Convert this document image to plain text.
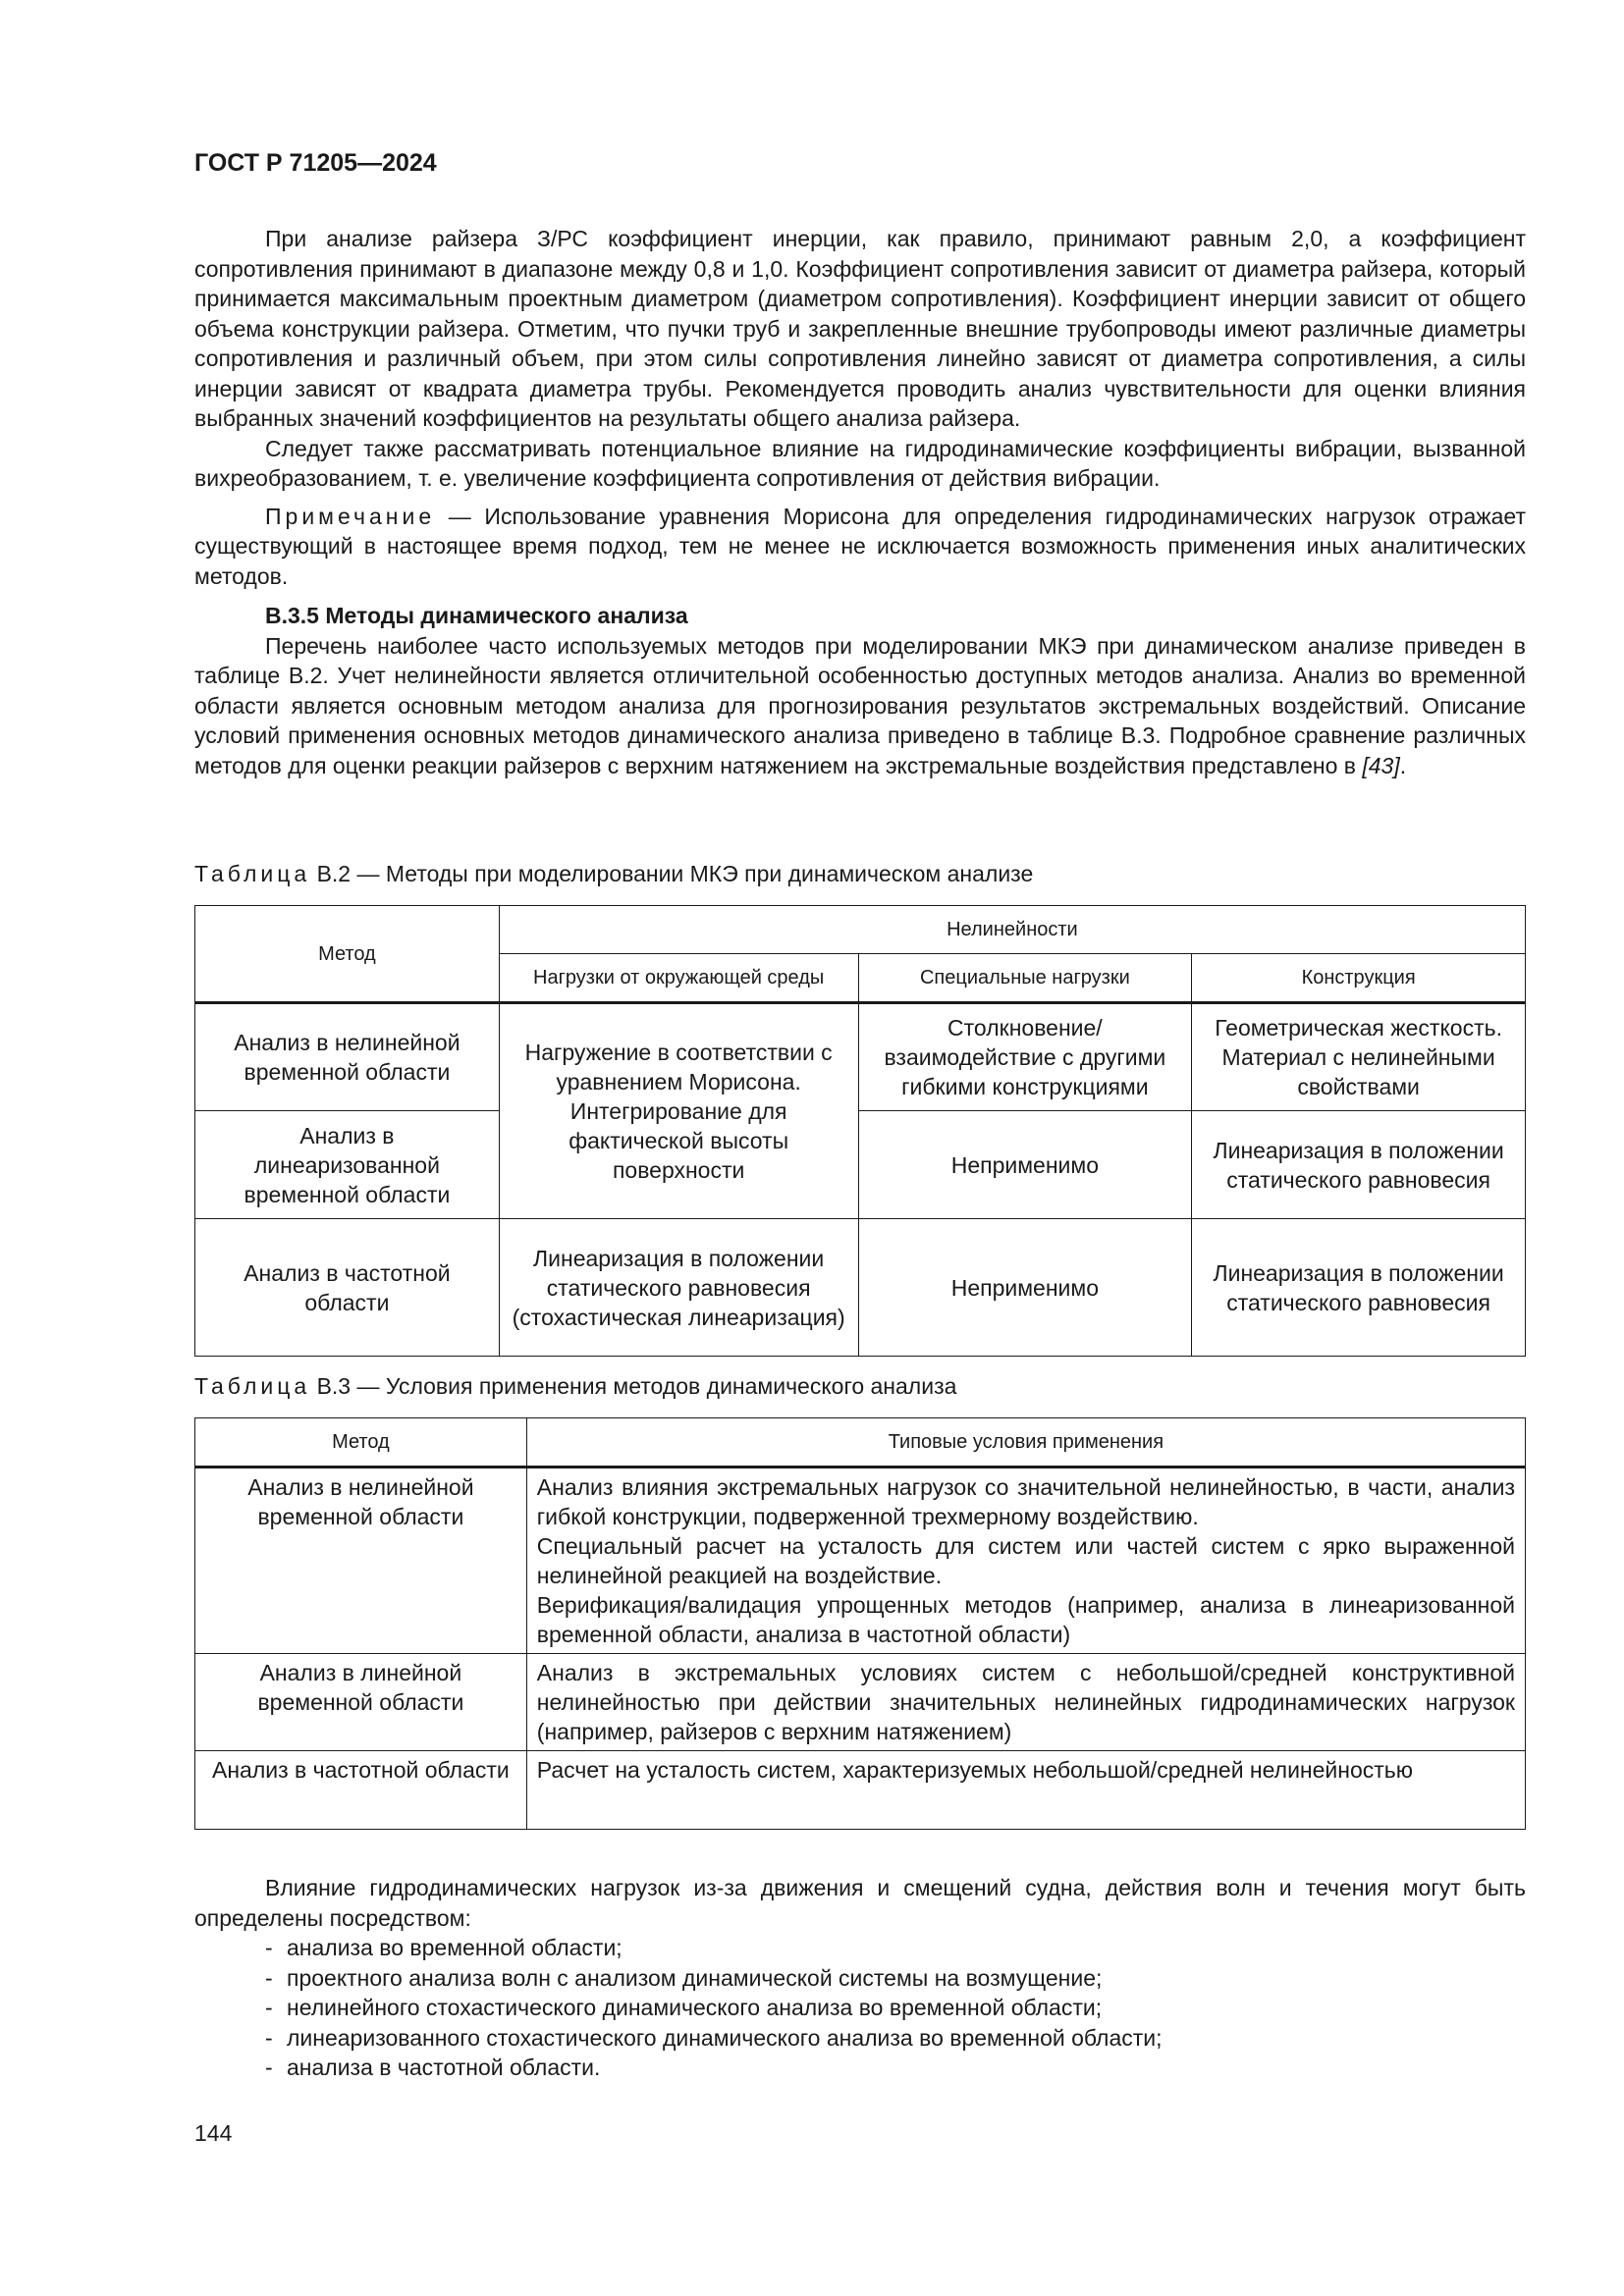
ГОСТ Р 71205—2024

При анализе райзера З/РС коэффициент инерции, как правило, принимают равным 2,0, а коэффициент сопротивления принимают в диапазоне между 0,8 и 1,0. Коэффициент сопротивления зависит от диаметра райзера, который принимается максимальным проектным диаметром (диаметром сопротивления). Коэффициент инерции зависит от общего объема конструкции райзера. Отметим, что пучки труб и закрепленные внешние трубопроводы имеют различные диаметры сопротивления и различный объем, при этом силы сопротивления линейно зависят от диаметра сопротивления, а силы инерции зависят от квадрата диаметра трубы. Рекомендуется проводить анализ чувствительности для оценки влияния выбранных значений коэффициентов на результаты общего анализа райзера.

Следует также рассматривать потенциальное влияние на гидродинамические коэффициенты вибрации, вызванной вихреобразованием, т. е. увеличение коэффициента сопротивления от действия вибрации.

Примечание — Использование уравнения Морисона для определения гидродинамических нагрузок отражает существующий в настоящее время подход, тем не менее не исключается возможность применения иных аналитических методов.

В.3.5 Методы динамического анализа

Перечень наиболее часто используемых методов при моделировании МКЭ при динамическом анализе приведен в таблице В.2. Учет нелинейности является отличительной особенностью доступных методов анализа. Анализ во временной области является основным методом анализа для прогнозирования результатов экстремальных воздействий. Описание условий применения основных методов динамического анализа приведено в таблице В.3. Подробное сравнение различных методов для оценки реакции райзеров с верхним натяжением на экстремальные воздействия представлено в [43].

Таблица В.2 — Методы при моделировании МКЭ при динамическом анализе
Метод	Нелинейности		
	Нагрузки от окружающей среды	Специальные нагрузки	Конструкция
Анализ в нелинейной временной области	Нагружение в соответствии с уравнением Морисона. Интегрирование для фактической высоты поверхности	Столкновение/взаимодействие с другими гибкими конструкциями	Геометрическая жесткость. Материал с нелинейными свойствами
Анализ в линеаризованной временной области		Неприменимо	Линеаризация в положении статического равновесия
Анализ в частотной области	Линеаризация в положении статического равновесия (стохастическая линеаризация)	Неприменимо	Линеаризация в положении статического равновесия
Таблица В.3 — Условия применения методов динамического анализа
Метод	Типовые условия применения
Анализ в нелинейной временной области	Анализ влияния экстремальных нагрузок со значительной нелинейностью, в части, анализ гибкой конструкции, подверженной трехмерному воздействию.
Специальный расчет на усталость для систем или частей систем с ярко выраженной нелинейной реакцией на воздействие.
Верификация/валидация упрощенных методов (например, анализа в линеаризованной временной области, анализа в частотной области)

Анализ в линейной временной области	Анализ в экстремальных условиях систем с небольшой/средней конструктивной нелинейностью при действии значительных нелинейных гидродинамических нагрузок (например, райзеров с верхним натяжением)
Анализ в частотной области	Расчет на усталость систем, характеризуемых небольшой/средней нелинейностью

Влияние гидродинамических нагрузок из-за движения и смещений судна, действия волн и течения могут быть определены посредством:

- анализа во временной области;
- проектного анализа волн с анализом динамической системы на возмущение;
- нелинейного стохастического динамического анализа во временной области;
- линеаризованного стохастического динамического анализа во временной области;
- анализа в частотной области.
144
